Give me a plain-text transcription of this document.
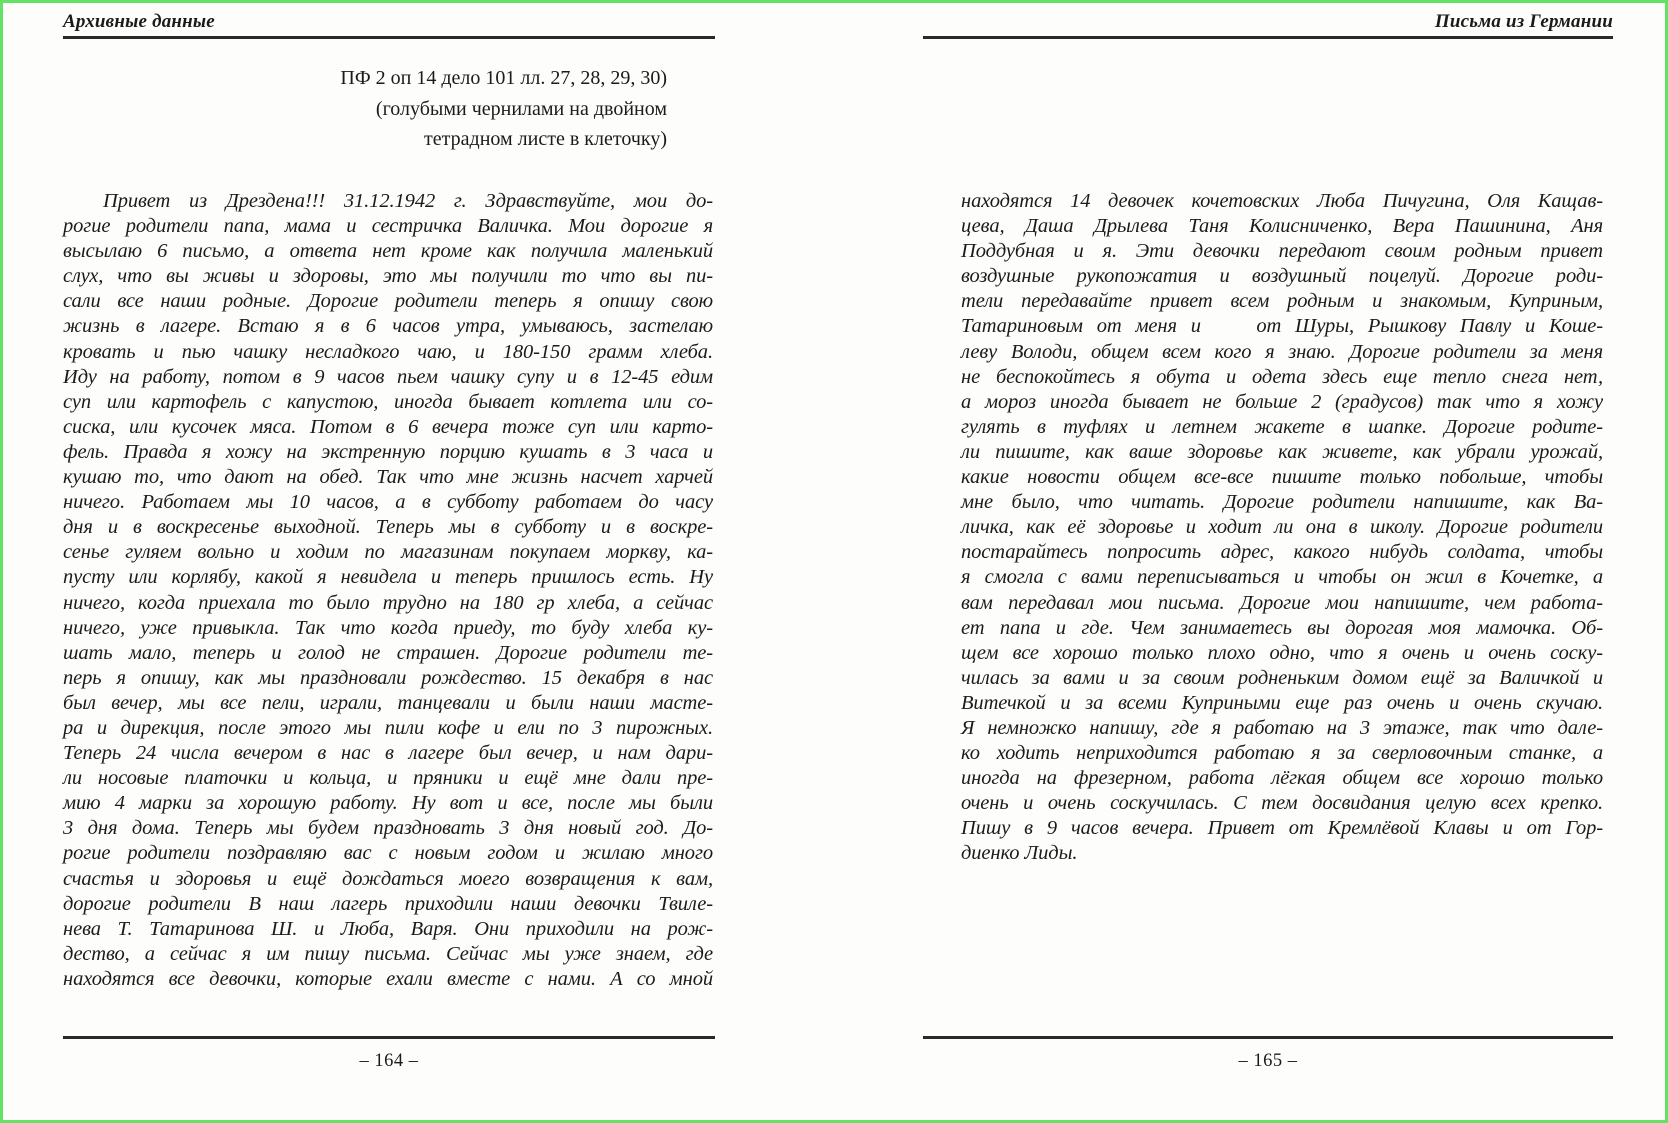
Архивные данные
ПФ 2 оп 14 дело 101 лл. 27, 28, 29, 30)
(голубыми чернилами на двойном
тетрадном листе в клеточку)
Привет из Дрездена!!! 31.12.1942 г. Здравствуйте, мои до-
рогие родители папа, мама и сестричка Валичка. Мои дорогие я
высылаю 6 письмо, а ответа нет кроме как получила маленький
слух, что вы живы и здоровы, это мы получили то что вы пи-
сали все наши родные. Дорогие родители теперь я опишу свою
жизнь в лагере. Встаю я в 6 часов утра, умываюсь, застелаю
кровать и пью чашку несладкого чаю, и 180-150 грамм хлеба.
Иду на работу, потом в 9 часов пьем чашку супу и в 12-45 едим
суп или картофель с капустою, иногда бывает котлета или со-
сиска, или кусочек мяса. Потом в 6 вечера тоже суп или карто-
фель. Правда я хожу на экстренную порцию кушать в 3 часа и
кушаю то, что дают на обед. Так что мне жизнь насчет харчей
ничего. Работаем мы 10 часов, а в субботу работаем до часу
дня и в воскресенье выходной. Теперь мы в субботу и в воскре-
сенье гуляем вольно и ходим по магазинам покупаем моркву, ка-
пусту или корлябу, какой я невидела и теперь пришлось есть. Ну
ничего, когда приехала то было трудно на 180 гр хлеба, а сейчас
ничего, уже привыкла. Так что когда приеду, то буду хлеба ку-
шать мало, теперь и голод не страшен. Дорогие родители те-
перь я опишу, как мы праздновали рождество. 15 декабря в нас
был вечер, мы все пели, играли, танцевали и были наши масте-
ра и дирекция, после этого мы пили кофе и ели по 3 пирожных.
Теперь 24 числа вечером в нас в лагере был вечер, и нам дари-
ли носовые платочки и кольца, и пряники и ещё мне дали пре-
мию 4 марки за хорошую работу. Ну вот и все, после мы были
3 дня дома. Теперь мы будем праздновать 3 дня новый год. До-
рогие родители поздравляю вас с новым годом и жилаю много
счастья и здоровья и ещё дождаться моего возвращения к вам,
дорогие родители В наш лагерь приходили наши девочки Твиле-
нева Т. Татаринова Ш. и Люба, Варя. Они приходили на рож-
дество, а сейчас я им пишу письма. Сейчас мы уже знаем, где
находятся все девочки, которые ехали вместе с нами. А со мной
– 164 –
Письма из Германии
находятся 14 девочек кочетовских Люба Пичугина, Оля Кащав-
цева, Даша Дрылева Таня Колисниченко, Вера Пашинина, Аня
Поддубная и я. Эти девочки передают своим родным привет
воздушные рукопожатия и воздушный поцелуй. Дорогие роди-
тели передавайте привет всем родным и знакомым, Куприным,
Татариновым от меня и    от Шуры, Рышкову Павлу и Коше-
леву Володи, общем всем кого я знаю. Дорогие родители за меня
не беспокойтесь я обута и одета здесь еще тепло снега нет,
а мороз иногда бывает не больше 2 (градусов) так что я хожу
гулять в туфлях и летнем жакете в шапке. Дорогие родите-
ли пишите, как ваше здоровье как живете, как убрали урожай,
какие новости общем все-все пишите только побольше, чтобы
мне было, что читать. Дорогие родители напишите, как Ва-
личка, как её здоровье и ходит ли она в школу. Дорогие родители
постарайтесь попросить адрес, какого нибудь солдата, чтобы
я смогла с вами переписываться и чтобы он жил в Кочетке, а
вам передавал мои письма. Дорогие мои напишите, чем работа-
ет папа и где. Чем занимаетесь вы дорогая моя мамочка. Об-
щем все хорошо только плохо одно, что я очень и очень соску-
чилась за вами и за своим родненьким домом ещё за Валичкой и
Витечкой и за всеми Куприными еще раз очень и очень скучаю.
Я немножко напишу, где я работаю на 3 этаже, так что дале-
ко ходить неприходится работаю я за сверловочным станке, а
иногда на фрезерном, работа лёгкая общем все хорошо только
очень и очень соскучилась. С тем досвидания целую всех крепко.
Пишу в 9 часов вечера. Привет от Кремлёвой Клавы и от Гор-
диенко Лиды.
– 165 –
